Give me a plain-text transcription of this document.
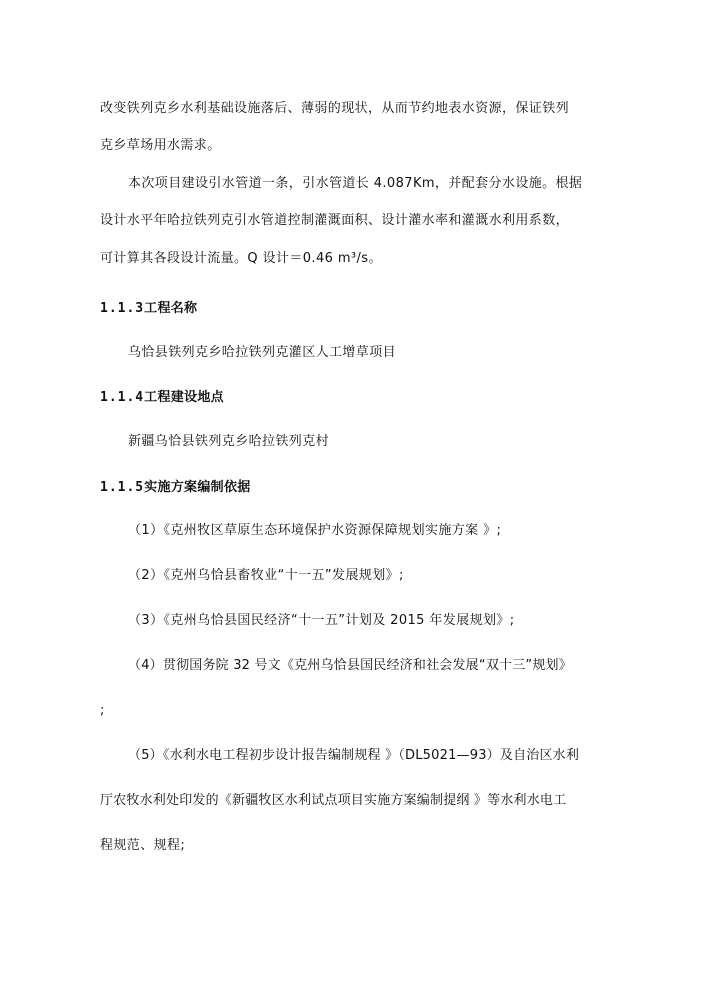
改变铁列克乡水利基础设施落后、薄弱的现状，从而节约地表水资源，保证铁列
克乡草场用水需求。
本次项目建设引水管道一条，引水管道长 4.087Km，并配套分水设施。根据
设计水平年哈拉铁列克引水管道控制灌溉面积、设计灌水率和灌溉水利用系数，
可计算其各段设计流量。Q 设计＝0.46 m³/s。
1.1.3工程名称
乌恰县铁列克乡哈拉铁列克灌区人工增草项目
1.1.4工程建设地点
新疆乌恰县铁列克乡哈拉铁列克村
1.1.5实施方案编制依据
（1）《克州牧区草原生态环境保护水资源保障规划实施方案 》;
（2）《克州乌恰县畜牧业“十一五”发展规划》;
（3）《克州乌恰县国民经济“十一五”计划及 2015 年发展规划》;
（4）贯彻国务院 32 号文《克州乌恰县国民经济和社会发展“双十三”规划》
;
（5）《水利水电工程初步设计报告编制规程 》（DL5021—93）及自治区水利
厅农牧水利处印发的《新疆牧区水利试点项目实施方案编制提纲 》等水利水电工
程规范、规程;
